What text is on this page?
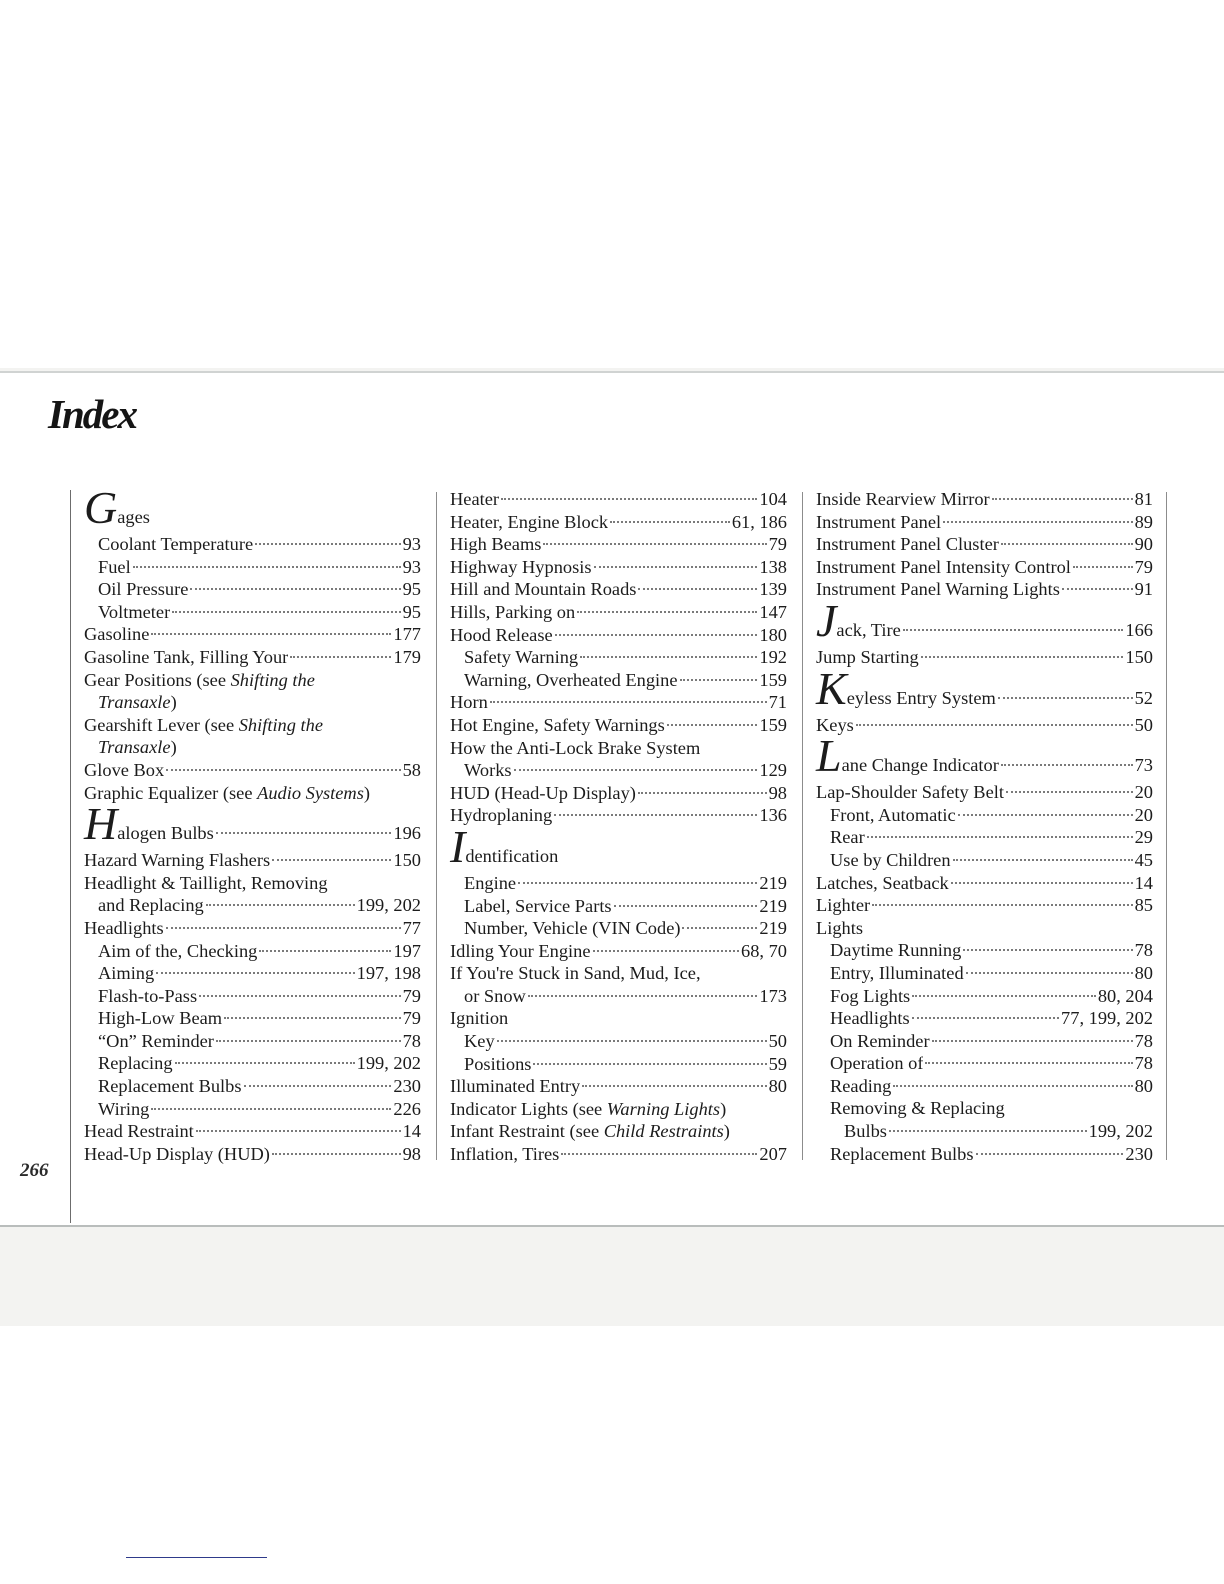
Index
266
G ages
Coolant Temperature	93
Fuel	93
Oil Pressure	95
Voltmeter	95
Gasoline	177
Gasoline Tank, Filling Your	179
Gear Positions (see Shifting the
Transaxle)
Gearshift Lever (see Shifting the
Transaxle)
Glove Box	58
Graphic Equalizer (see Audio Systems)
H alogen Bulbs	196
Hazard Warning Flashers	150
Headlight & Taillight, Removing
and Replacing	199, 202
Headlights	77
Aim of the, Checking	197
Aiming	197, 198
Flash-to-Pass	79
High-Low Beam	79
“On” Reminder	78
Replacing	199, 202
Replacement Bulbs	230
Wiring	226
Head Restraint	14
Head-Up Display (HUD)	98
Heater	104
Heater, Engine Block	61, 186
High Beams	79
Highway Hypnosis	138
Hill and Mountain Roads	139
Hills, Parking on	147
Hood Release	180
Safety Warning	192
Warning, Overheated Engine	159
Horn	71
Hot Engine, Safety Warnings	159
How the Anti-Lock Brake System
Works	129
HUD (Head-Up Display)	98
Hydroplaning	136
I dentification
Engine	219
Label, Service Parts	219
Number, Vehicle (VIN Code)	219
Idling Your Engine	68, 70
If You're Stuck in Sand, Mud, Ice,
or Snow	173
Ignition
Key	50
Positions	59
Illuminated Entry	80
Indicator Lights (see Warning Lights)
Infant Restraint (see Child Restraints)
Inflation, Tires	207
Inside Rearview Mirror	81
Instrument Panel	89
Instrument Panel Cluster	90
Instrument Panel Intensity Control	79
Instrument Panel Warning Lights	91
J ack, Tire	166
Jump Starting	150
K eyless Entry System	52
Keys	50
L ane Change Indicator	73
Lap-Shoulder Safety Belt	20
Front, Automatic	20
Rear	29
Use by Children	45
Latches, Seatback	14
Lighter	85
Lights
Daytime Running	78
Entry, Illuminated	80
Fog Lights	80, 204
Headlights	77, 199, 202
On Reminder	78
Operation of	78
Reading	80
Removing & Replacing
Bulbs	199, 202
Replacement Bulbs	230
